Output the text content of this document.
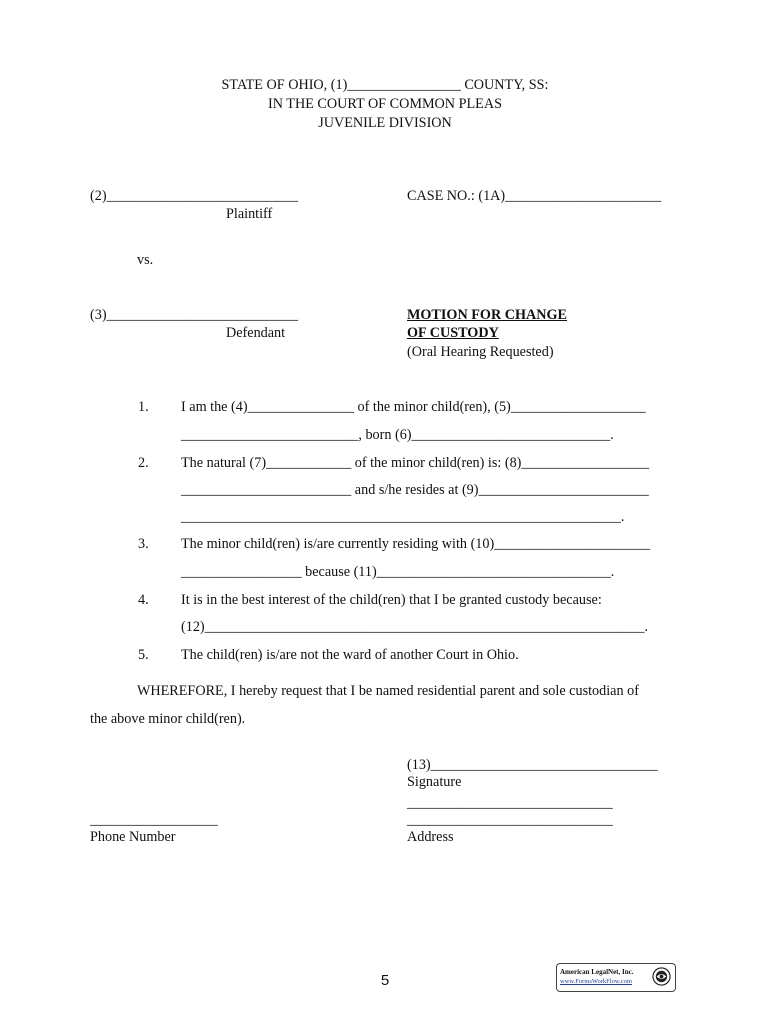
STATE OF OHIO, (1)________________ COUNTY, SS:
IN THE COURT OF COMMON PLEAS
JUVENILE DIVISION
(2)___________________________
Plaintiff
CASE NO.: (1A)______________________
vs.
(3)___________________________
Defendant
MOTION FOR CHANGE
OF CUSTODY
(Oral Hearing Requested)
1. I am the (4)_______________ of the minor child(ren), (5)___________________
_________________________, born (6)____________________________.
2. The natural (7)____________ of the minor child(ren) is: (8)__________________
________________________ and s/he resides at (9)________________________
______________________________________________________________.
3. The minor child(ren) is/are currently residing with (10)______________________
_________________ because (11)_________________________________.
4. It is in the best interest of the child(ren) that I be granted custody because:
(12)______________________________________________________________.
5. The child(ren) is/are not the ward of another Court in Ohio.
WHEREFORE, I hereby request that I be named residential parent and sole custodian of
the above minor child(ren).
(13)________________________________
Signature
_____________________________
_____________________________
Address
__________________
Phone Number
5	American LegalNet, Inc.
www.FormsWorkFlow.com
